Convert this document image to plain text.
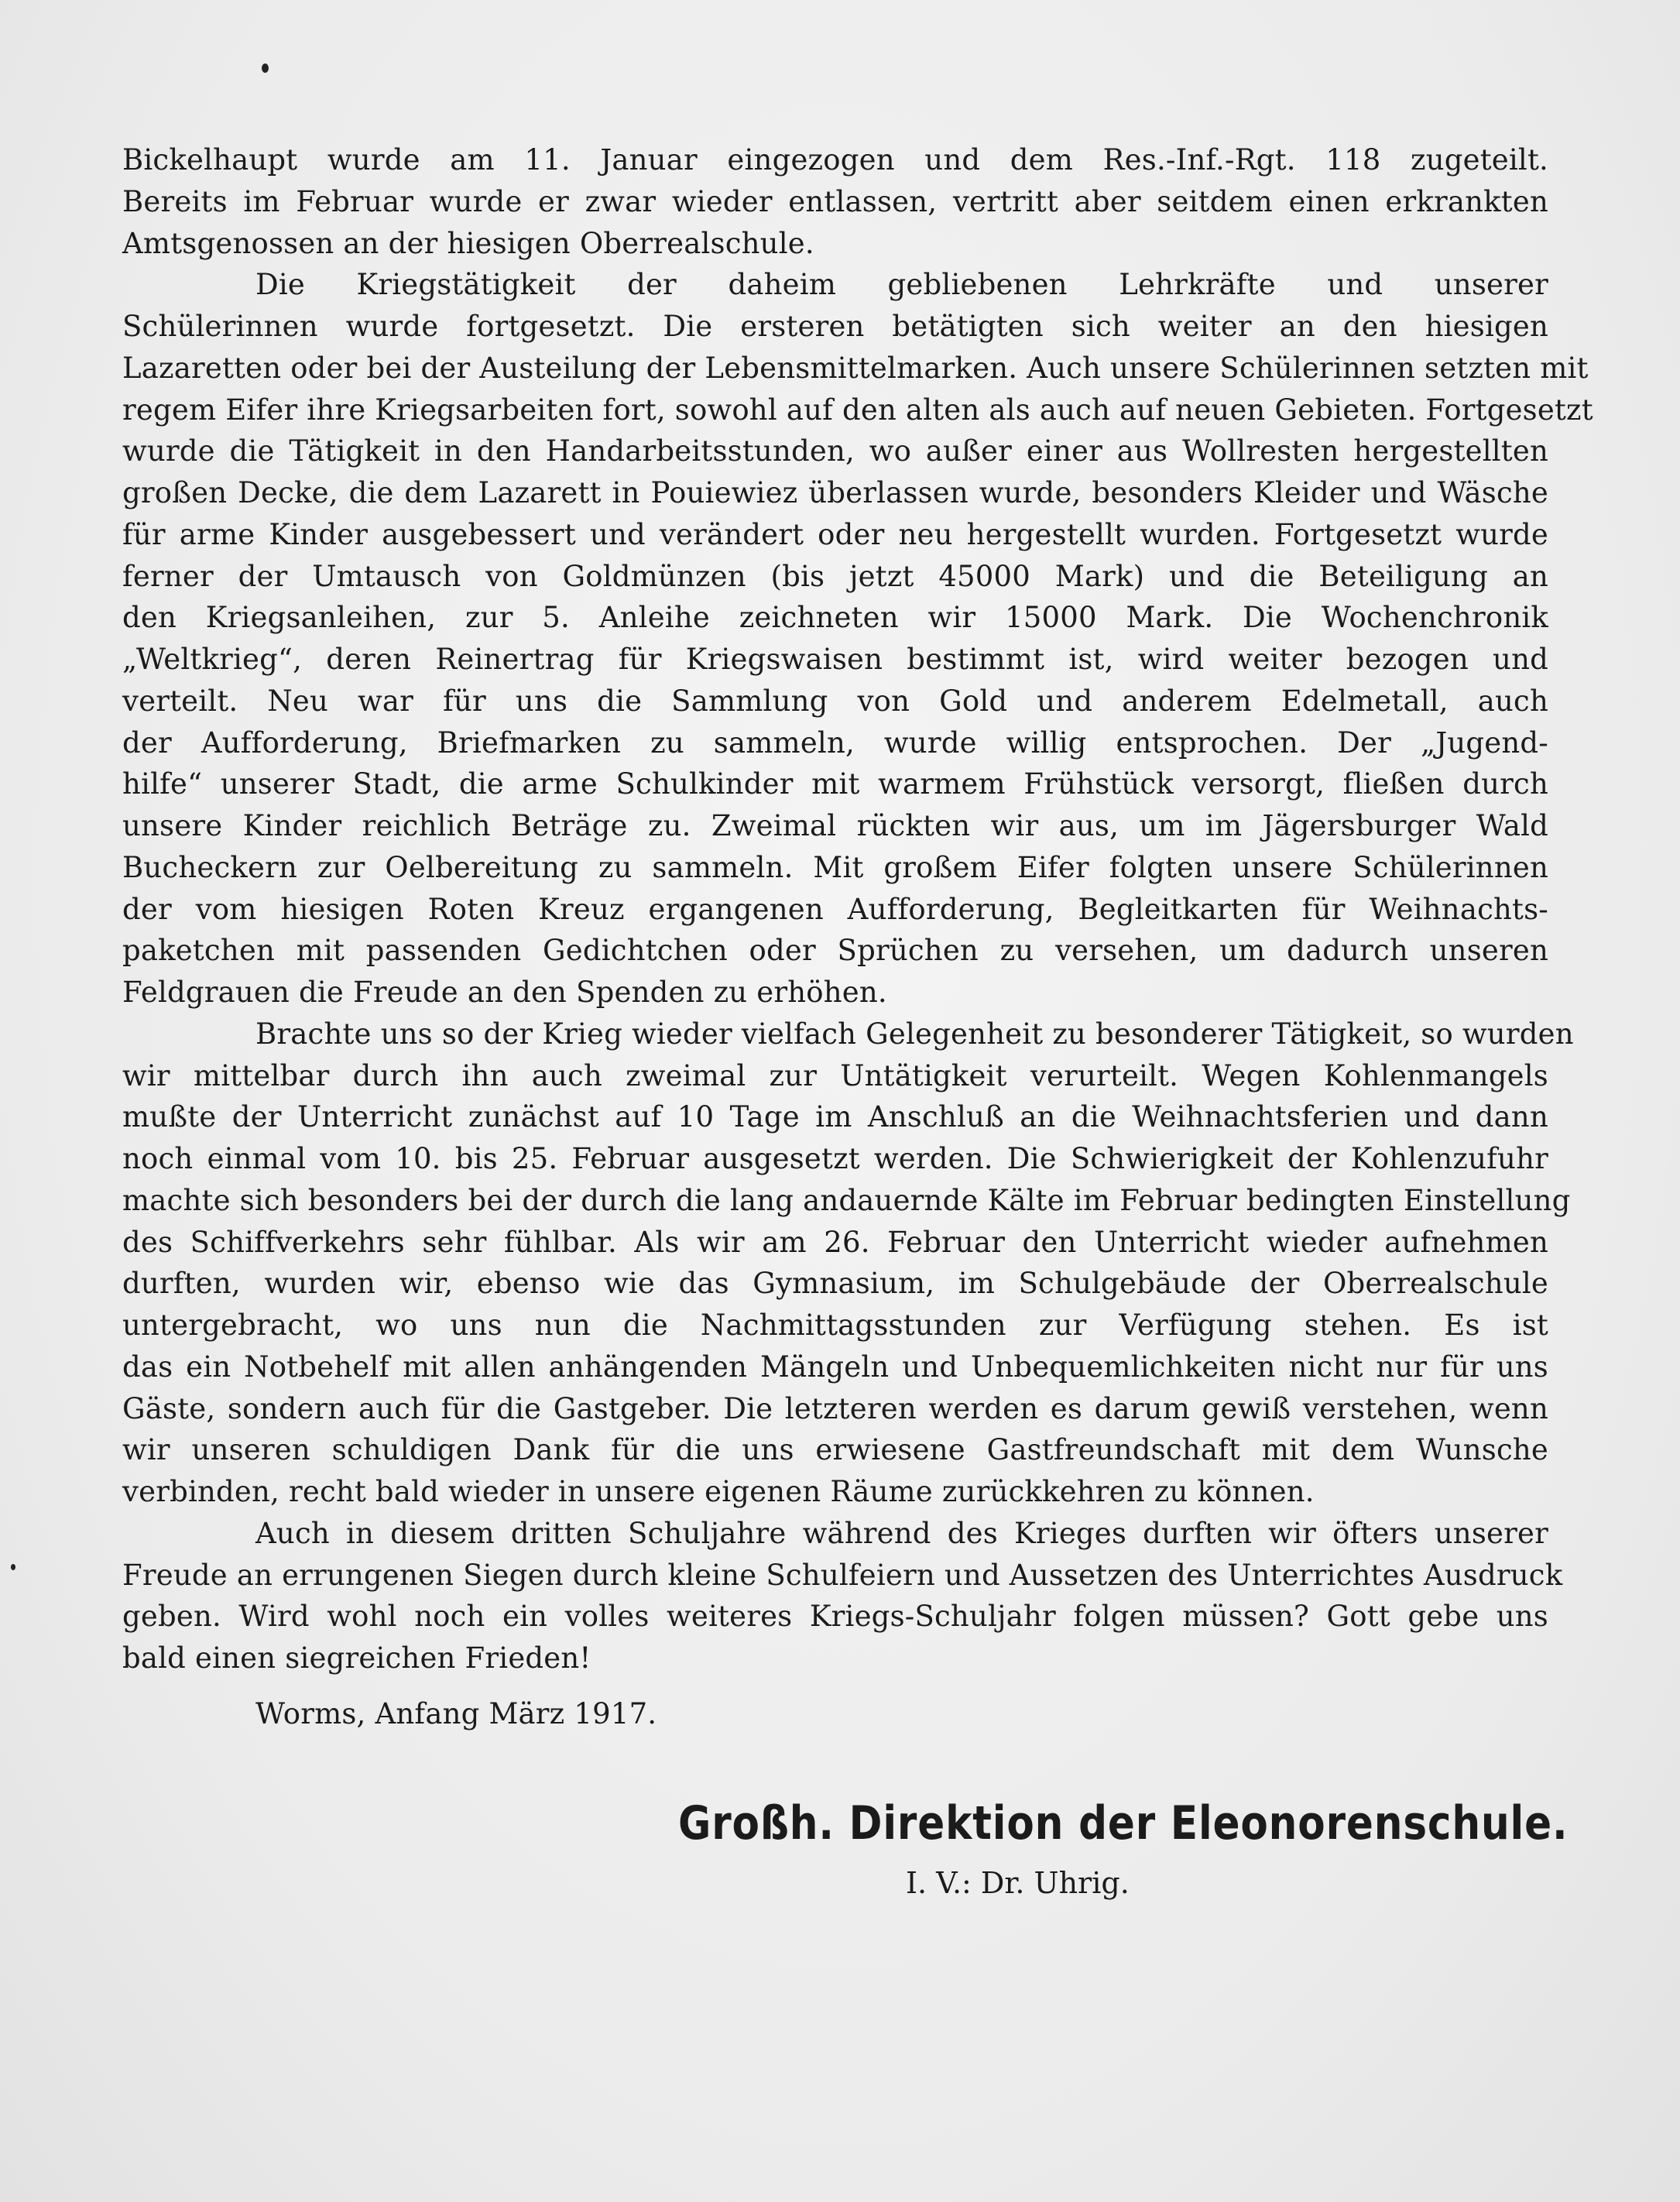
Bickelhaupt wurde am 11. Januar eingezogen und dem Res.-Inf.-Rgt. 118 zugeteilt.
Bereits im Februar wurde er zwar wieder entlassen, vertritt aber seitdem einen erkrankten
Amtsgenossen an der hiesigen Oberrealschule.
Die Kriegstätigkeit der daheim gebliebenen Lehrkräfte und unserer
Schülerinnen wurde fortgesetzt. Die ersteren betätigten sich weiter an den hiesigen
Lazaretten oder bei der Austeilung der Lebensmittelmarken. Auch unsere Schülerinnen setzten mit
regem Eifer ihre Kriegsarbeiten fort, sowohl auf den alten als auch auf neuen Gebieten. Fortgesetzt
wurde die Tätigkeit in den Handarbeitsstunden, wo außer einer aus Wollresten hergestellten
großen Decke, die dem Lazarett in Pouiewiez überlassen wurde, besonders Kleider und Wäsche
für arme Kinder ausgebessert und verändert oder neu hergestellt wurden. Fortgesetzt wurde
ferner der Umtausch von Goldmünzen (bis jetzt 45000 Mark) und die Beteiligung an
den Kriegsanleihen, zur 5. Anleihe zeichneten wir 15000 Mark. Die Wochenchronik
„Weltkrieg“, deren Reinertrag für Kriegswaisen bestimmt ist, wird weiter bezogen und
verteilt. Neu war für uns die Sammlung von Gold und anderem Edelmetall, auch
der Aufforderung, Briefmarken zu sammeln, wurde willig entsprochen. Der „Jugend-
hilfe“ unserer Stadt, die arme Schulkinder mit warmem Frühstück versorgt, fließen durch
unsere Kinder reichlich Beträge zu. Zweimal rückten wir aus, um im Jägersburger Wald
Bucheckern zur Oelbereitung zu sammeln. Mit großem Eifer folgten unsere Schülerinnen
der vom hiesigen Roten Kreuz ergangenen Aufforderung, Begleitkarten für Weihnachts-
paketchen mit passenden Gedichtchen oder Sprüchen zu versehen, um dadurch unseren
Feldgrauen die Freude an den Spenden zu erhöhen.
Brachte uns so der Krieg wieder vielfach Gelegenheit zu besonderer Tätigkeit, so wurden
wir mittelbar durch ihn auch zweimal zur Untätigkeit verurteilt. Wegen Kohlenmangels
mußte der Unterricht zunächst auf 10 Tage im Anschluß an die Weihnachtsferien und dann
noch einmal vom 10. bis 25. Februar ausgesetzt werden. Die Schwierigkeit der Kohlenzufuhr
machte sich besonders bei der durch die lang andauernde Kälte im Februar bedingten Einstellung
des Schiffverkehrs sehr fühlbar. Als wir am 26. Februar den Unterricht wieder aufnehmen
durften, wurden wir, ebenso wie das Gymnasium, im Schulgebäude der Oberrealschule
untergebracht, wo uns nun die Nachmittagsstunden zur Verfügung stehen. Es ist
das ein Notbehelf mit allen anhängenden Mängeln und Unbequemlichkeiten nicht nur für uns
Gäste, sondern auch für die Gastgeber. Die letzteren werden es darum gewiß verstehen, wenn
wir unseren schuldigen Dank für die uns erwiesene Gastfreundschaft mit dem Wunsche
verbinden, recht bald wieder in unsere eigenen Räume zurückkehren zu können.
Auch in diesem dritten Schuljahre während des Krieges durften wir öfters unserer
Freude an errungenen Siegen durch kleine Schulfeiern und Aussetzen des Unterrichtes Ausdruck
geben. Wird wohl noch ein volles weiteres Kriegs-Schuljahr folgen müssen? Gott gebe uns
bald einen siegreichen Frieden!
Worms, Anfang März 1917.
Großh. Direktion der Eleonorenschule.
I. V.: Dr. Uhrig.
